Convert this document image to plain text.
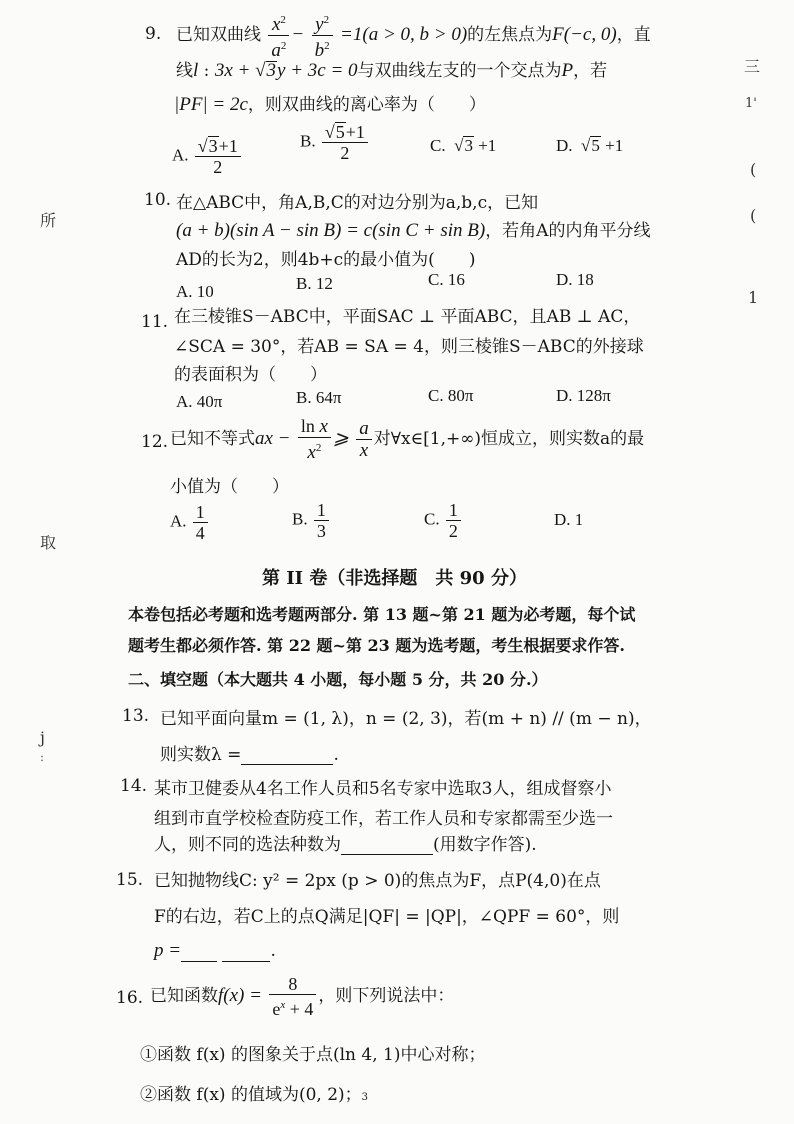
所
取
三
1'
(
(
1
j
ː
9. 已知双曲线 $\frac{x^2}{a^2} - \frac{y^2}{b^2} =1(a > 0$, b > 0)的左焦点为F(−c, 0)，直
线l : 3x + √3y + 3c = 0与双曲线左支的一个交点为P，若
|PF| = 2c，则双曲线的离心率为（　　）
A. $\frac{√3+1}{2}$	B. $\frac{√5+1}{2}$	C.  √3 +1	D.  √5 +1
10. 在△ABC中，角A,B,C的对边分别为a,b,c，已知
(a + b)(sin A − sin B) = c(sin C + sin B)，若角A的内角平分线
AD的长为2，则4b+c的最小值为(　　)
A. 10	B. 12	C. 16	D. 18
11. 在三棱锥S－ABC中，平面SAC ⊥ 平面ABC，且AB ⊥ AC，
∠SCA = 30°，若AB = SA = 4，则三棱锥S－ABC的外接球
的表面积为（　　）
A. 40π	B. 64π	C. 80π	D. 128π
12. 已知不等式ax − $\frac{\text{ln x}}{x^2}$ ⩾ $\frac{a}{x}$ 对∀x∈[1,+∞)恒成立，则实数a的最
小值为（　　）
A. $\frac{1}{4}$	B. $\frac{1}{3}$	C. $\frac{1}{2}$	D. 1
第 II 卷（非选择题　共 90 分）
本卷包括必考题和选考题两部分. 第 13 题~第 21 题为必考题，每个试
题考生都必须作答. 第 22 题~第 23 题为选考题，考生根据要求作答.
二、填空题（本大题共 4 小题，每小题 5 分，共 20 分.）
13. 已知平面向量m = (1, λ)，n = (2, 3)，若(m + n) // (m − n)，
则实数λ =	.
14. 某市卫健委从4名工作人员和5名专家中选取3人，组成督察小
组到市直学校检查防疫工作，若工作人员和专家都需至少选一
人，则不同的选法种数为	(用数字作答).
15. 已知抛物线C: y² = 2px (p > 0)的焦点为F，点P(4,0)在点
F的右边，若C上的点Q满足|QF| = |QP|，∠QPF = 60°，则
p =	.
16. 已知函数$f(x) = \frac{8}{e^x + 4}$ ，则下列说法中：
①函数 f(x) 的图象关于点(ln 4, 1)中心对称；
②函数 f(x) 的值域为(0, 2)；3
